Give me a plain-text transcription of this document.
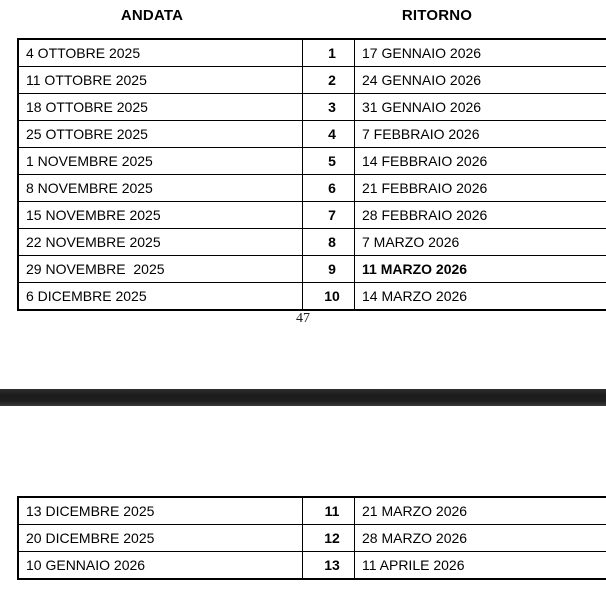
ANDATA	RITORNO
4 OTTOBRE 2025	1	17 GENNAIO 2026
11 OTTOBRE 2025	2	24 GENNAIO 2026
18 OTTOBRE 2025	3	31 GENNAIO 2026
25 OTTOBRE 2025	4	7 FEBBRAIO 2026
1 NOVEMBRE 2025	5	14 FEBBRAIO 2026
8 NOVEMBRE 2025	6	21 FEBBRAIO 2026
15 NOVEMBRE 2025	7	28 FEBBRAIO 2026
22 NOVEMBRE 2025	8	7 MARZO 2026
29 NOVEMBRE  2025	9	11 MARZO 2026
6 DICEMBRE 2025	10	14 MARZO 2026
47
13 DICEMBRE 2025	11	21 MARZO 2026
20 DICEMBRE 2025	12	28 MARZO 2026
10 GENNAIO 2026	13	11 APRILE 2026
